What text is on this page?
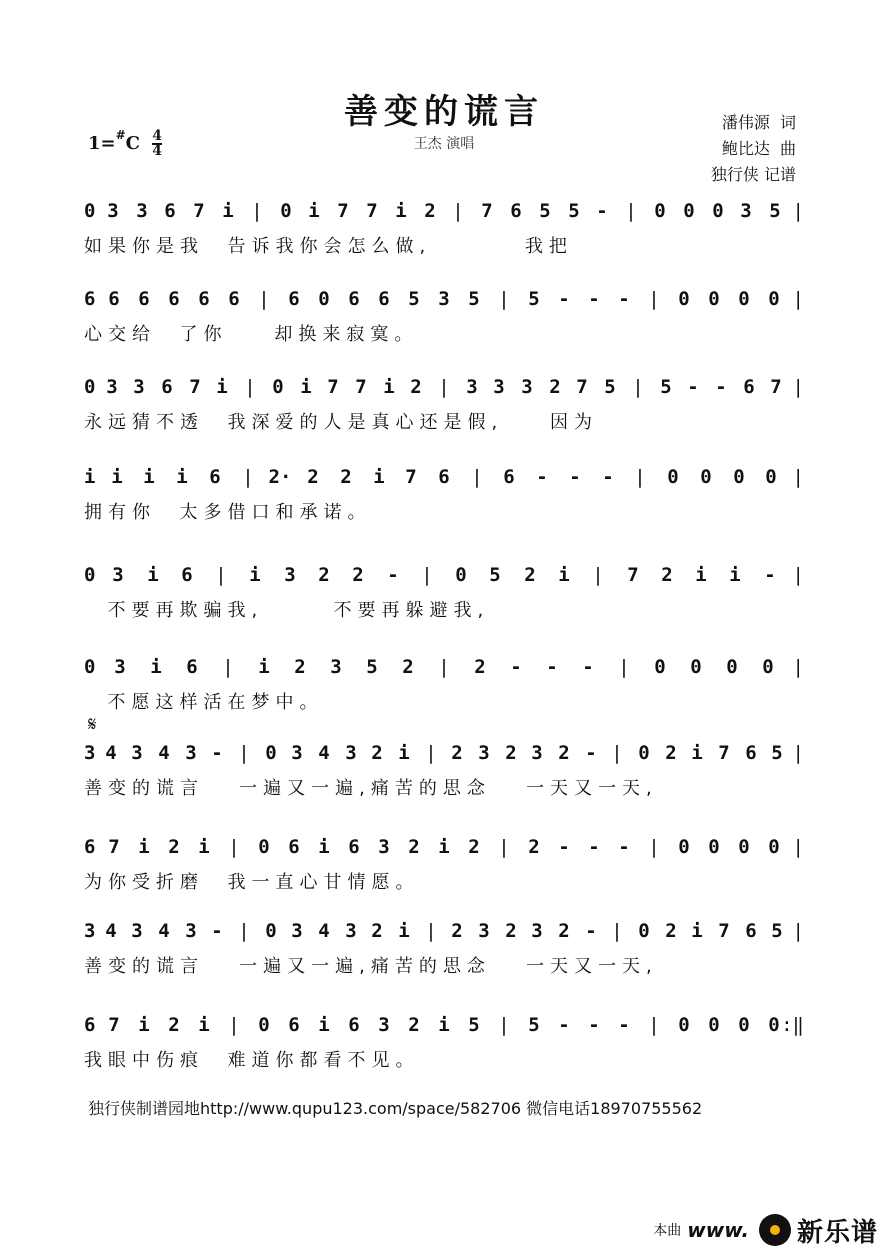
善变的谎言
王杰 演唱
潘伟源  词
鲍比达  曲
独行侠 记谱
$1=^{\#}C \frac{4}{4}$
0 3 3 6 7 i | 0 i 7 7 i 2 | 7 6 5 5 - | 0 0 0 3 5 |
如果你是我  告诉我你会怎么做,        我把
6 6 6 6 6 6 | 6 0 6 6 5 3 5 | 5 - - - | 0 0 0 0 |
心交给  了你    却换来寂寞。
0 3 3 6 7 i | 0 i 7 7 i 2 | 3 3 3 2 7 5 | 5 - - 6 7 |
永远猜不透  我深爱的人是真心还是假,    因为
i i i i 6 | 2· 2 2 i 7 6 | 6 - - - | 0 0 0 0 |
拥有你  太多借口和承诺。
0 3 i 6 | i 3 2 2 - | 0 5 2 i | 7 2 i i - |
不要再欺骗我,      不要再躲避我,
0 3 i 6 | i 2 3 5 2 | 2 - - - | 0 0 0 0 |
不愿这样活在梦中。
𝄋
3 4 3 4 3 - | 0 3 4 3 2 i | 2 3 2 3 2 - | 0 2 i 7 6 5 |
善变的谎言   一遍又一遍,痛苦的思念   一天又一天,
6 7 i 2 i | 0 6 i 6 3 2 i 2 | 2 - - - | 0 0 0 0 |
为你受折磨  我一直心甘情愿。
3 4 3 4 3 - | 0 3 4 3 2 i | 2 3 2 3 2 - | 0 2 i 7 6 5 |
善变的谎言   一遍又一遍,痛苦的思念   一天又一天,
6 7 i 2 i | 0 6 i 6 3 2 i 5 | 5 - - - | 0 0 0 0 :‖
我眼中伤痕  难道你都看不见。
独行侠制谱园地http://www.qupu123.com/space/582706 微信电话18970755562
本曲 www. 新乐谱
